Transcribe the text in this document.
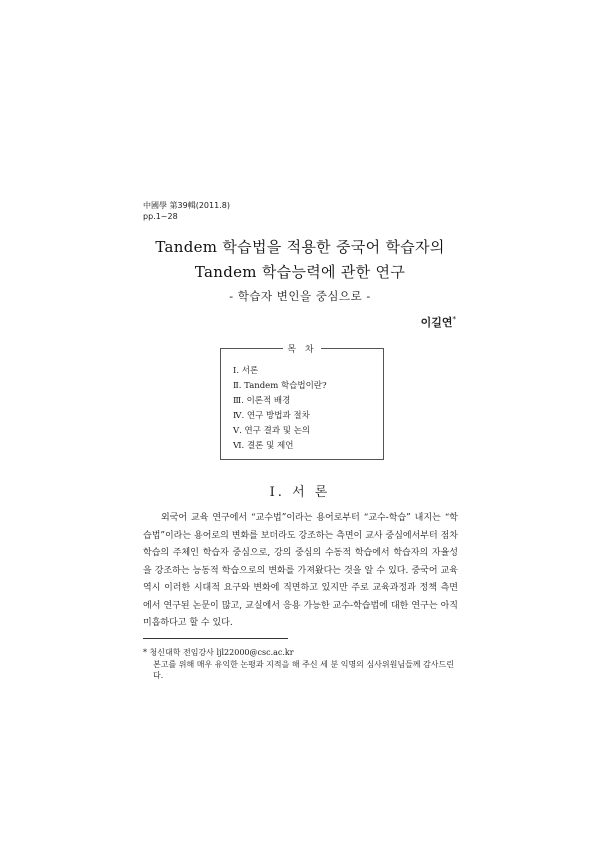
中國學 第39輯(2011.8)
pp.1~28
Tandem 학습법을 적용한 중국어 학습자의
Tandem 학습능력에 관한 연구
- 학습자 변인을 중심으로 -
이길연*
목 차
Ⅰ. 서론
Ⅱ. Tandem 학습법이란?
Ⅲ. 이론적 배경
Ⅳ. 연구 방법과 절차
Ⅴ. 연구 결과 및 논의
Ⅵ. 결론 및 제언
Ⅰ. 서 론

외국어 교육 연구에서 “교수법”이라는 용어로부터 “교수-학습” 내지는 “학습법”이라는 용어로의 변화를 보더라도 강조하는 측면이 교사 중심에서부터 점차 학습의 주체인 학습자 중심으로, 강의 중심의 수동적 학습에서 학습자의 자율성을 강조하는 능동적 학습으로의 변화를 가져왔다는 것을 알 수 있다. 중국어 교육 역시 이러한 시대적 요구와 변화에 직면하고 있지만 주로 교육과정과 정책 측면에서 연구된 논문이 많고, 교실에서 응용 가능한 교수-학습법에 대한 연구는 아직 미흡하다고 할 수 있다.

* 청신대학 전임강사 ljl22000@csc.ac.kr
본고를 위해 매우 유익한 논평과 지적을 해 주신 세 분 익명의 심사위원님들께 감사드린다.
